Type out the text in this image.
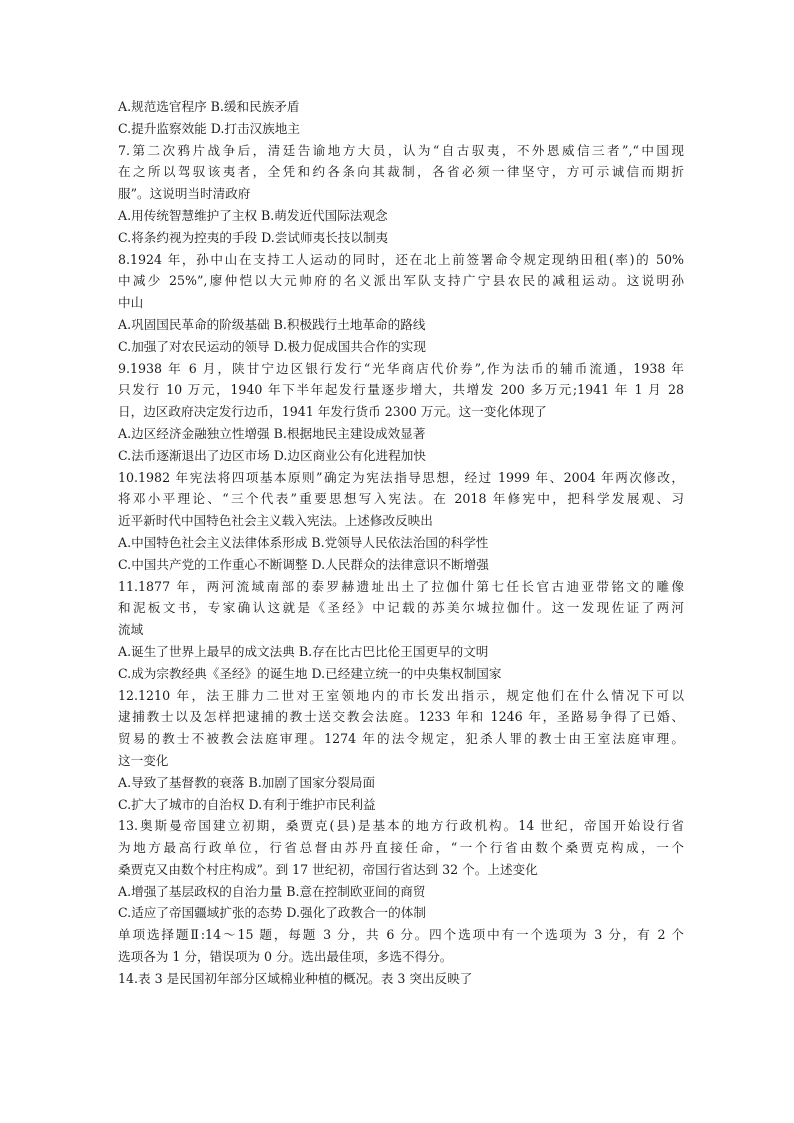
A.规范选官程序 B.缓和民族矛盾
C.提升监察效能 D.打击汉族地主
7.第二次鸦片战争后，清廷告谕地方大员，认为“自古驭夷，不外恩威信三者”,“中国现
在之所以驾驭该夷者，全凭和约各条向其裁制，各省必须一律坚守，方可示诚信而期折
服”。这说明当时清政府
A.用传统智慧维护了主权 B.萌发近代国际法观念
C.将条约视为控夷的手段 D.尝试师夷长技以制夷
8.1924 年，孙中山在支持工人运动的同时，还在北上前签署命令规定现纳田租(率)的 50%
中减少 25%”,廖仲恺以大元帅府的名义派出军队支持广宁县农民的减租运动。这说明孙
中山
A.巩固国民革命的阶级基础 B.积极践行土地革命的路线
C.加强了对农民运动的领导 D.极力促成国共合作的实现
9.1938 年 6 月，陕甘宁边区银行发行“光华商店代价券”,作为法币的辅币流通，1938 年
只发行 10 万元，1940 年下半年起发行量逐步增大，共增发 200 多万元;1941 年 1 月 28
日，边区政府决定发行边币，1941 年发行货币 2300 万元。这一变化体现了
A.边区经济金融独立性增强 B.根据地民主建设成效显著
C.法币逐渐退出了边区市场 D.边区商业公有化进程加快
10.1982 年宪法将四项基本原则”确定为宪法指导思想，经过 1999 年、2004 年两次修改，
将邓小平理论、“三个代表”重要思想写入宪法。在 2018 年修宪中，把科学发展观、习
近平新时代中国特色社会主义载入宪法。上述修改反映出
A.中国特色社会主义法律体系形成 B.党领导人民依法治国的科学性
C.中国共产党的工作重心不断调整 D.人民群众的法律意识不断增强
11.1877 年，两河流域南部的泰罗赫遗址出土了拉伽什第七任长官古迪亚带铭文的雕像
和泥板文书，专家确认这就是《圣经》中记载的苏美尔城拉伽什。这一发现佐证了两河
流域
A.诞生了世界上最早的成文法典 B.存在比古巴比伦王国更早的文明
C.成为宗教经典《圣经》的诞生地 D.已经建立统一的中央集权制国家
12.1210 年，法王腓力二世对王室领地内的市长发出指示，规定他们在什么情况下可以
逮捕教士以及怎样把逮捕的教士送交教会法庭。1233 年和 1246 年，圣路易争得了已婚、
贸易的教士不被教会法庭审理。1274 年的法令规定，犯杀人罪的教士由王室法庭审理。
这一变化
A.导致了基督教的衰落 B.加剧了国家分裂局面
C.扩大了城市的自治权 D.有利于维护市民利益
13.奥斯曼帝国建立初期，桑贾克(县)是基本的地方行政机构。14 世纪，帝国开始设行省
为地方最高行政单位，行省总督由苏丹直接任命，“一个行省由数个桑贾克构成，一个
桑贾克又由数个村庄构成”。到 17 世纪初，帝国行省达到 32 个。上述变化
A.增强了基层政权的自治力量 B.意在控制欧亚间的商贸
C.适应了帝国疆域扩张的态势 D.强化了政教合一的体制
单项选择题Ⅱ:14～15 题，每题 3 分，共 6 分。四个选项中有一个选项为 3 分，有 2 个
选项各为 1 分，错误项为 0 分。选出最佳项，多选不得分。
14.表 3 是民国初年部分区域棉业种植的概况。表 3 突出反映了
